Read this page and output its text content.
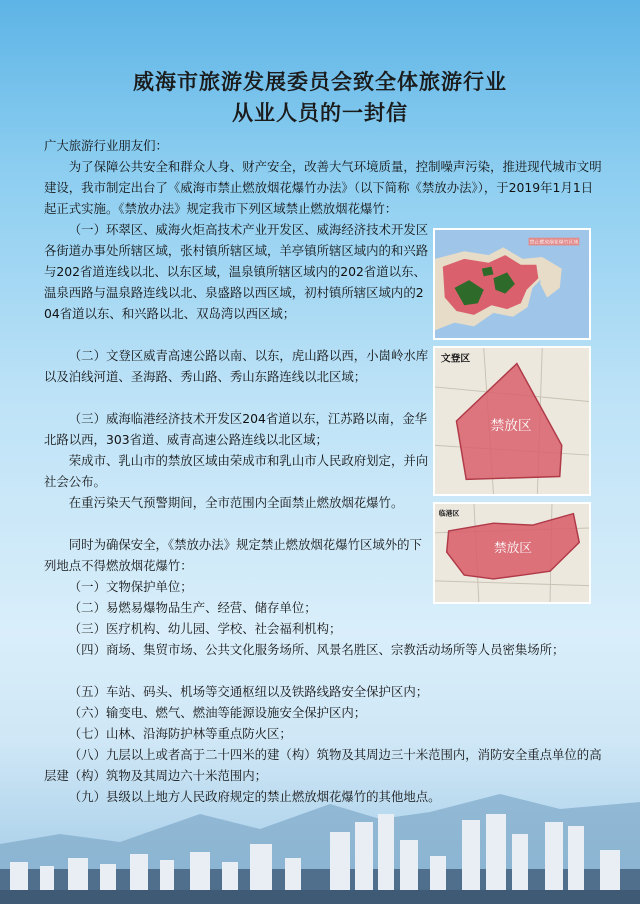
威海市旅游发展委员会致全体旅游行业
从业人员的一封信

广大旅游行业朋友们：

为了保障公共安全和群众人身、财产安全，改善大气环境质量，控制噪声污染，推进现代城市文明建设，我市制定出台了《威海市禁止燃放烟花爆竹办法》（以下简称《禁放办法》），于2019年1月1日起正式实施。《禁放办法》规定我市下列区域禁止燃放烟花爆竹：

（一）环翠区、威海火炬高技术产业开发区、威海经济技术开发区各街道办事处所辖区域，张村镇所辖区域，羊亭镇所辖区域内的和兴路与202省道连线以北、以东区域，温泉镇所辖区域内的202省道以东、温泉西路与温泉路连线以北、泉盛路以西区域，初村镇所辖区域内的204省道以东、和兴路以北、双岛湾以西区域；

（二）文登区威青高速公路以南、以东，虎山路以西，小崮岭水库以及泊线河道、圣海路、秀山路、秀山东路连线以北区域；

（三）威海临港经济技术开发区204省道以东，江苏路以南，金华北路以西，303省道、威青高速公路连线以北区域；

荣成市、乳山市的禁放区域由荣成市和乳山市人民政府划定，并向社会公布。

在重污染天气预警期间，全市范围内全面禁止燃放烟花爆竹。

同时为确保安全，《禁放办法》规定禁止燃放烟花爆竹区域外的下列地点不得燃放烟花爆竹：

（一）文物保护单位；

（二）易燃易爆物品生产、经营、储存单位；

（三）医疗机构、幼儿园、学校、社会福利机构；

（四）商场、集贸市场、公共文化服务场所、风景名胜区、宗教活动场所等人员密集场所；

（五）车站、码头、机场等交通枢纽以及铁路线路安全保护区内；

（六）输变电、燃气、燃油等能源设施安全保护区内；

（七）山林、沿海防护林等重点防火区；

（八）九层以上或者高于二十四米的建（构）筑物及其周边三十米范围内，消防安全重点单位的高层建（构）筑物及其周边六十米范围内；

（九）县级以上地方人民政府规定的禁止燃放烟花爆竹的其他地点。

禁止燃放烟花爆竹区域
文登区
禁放区
临港区
禁放区
